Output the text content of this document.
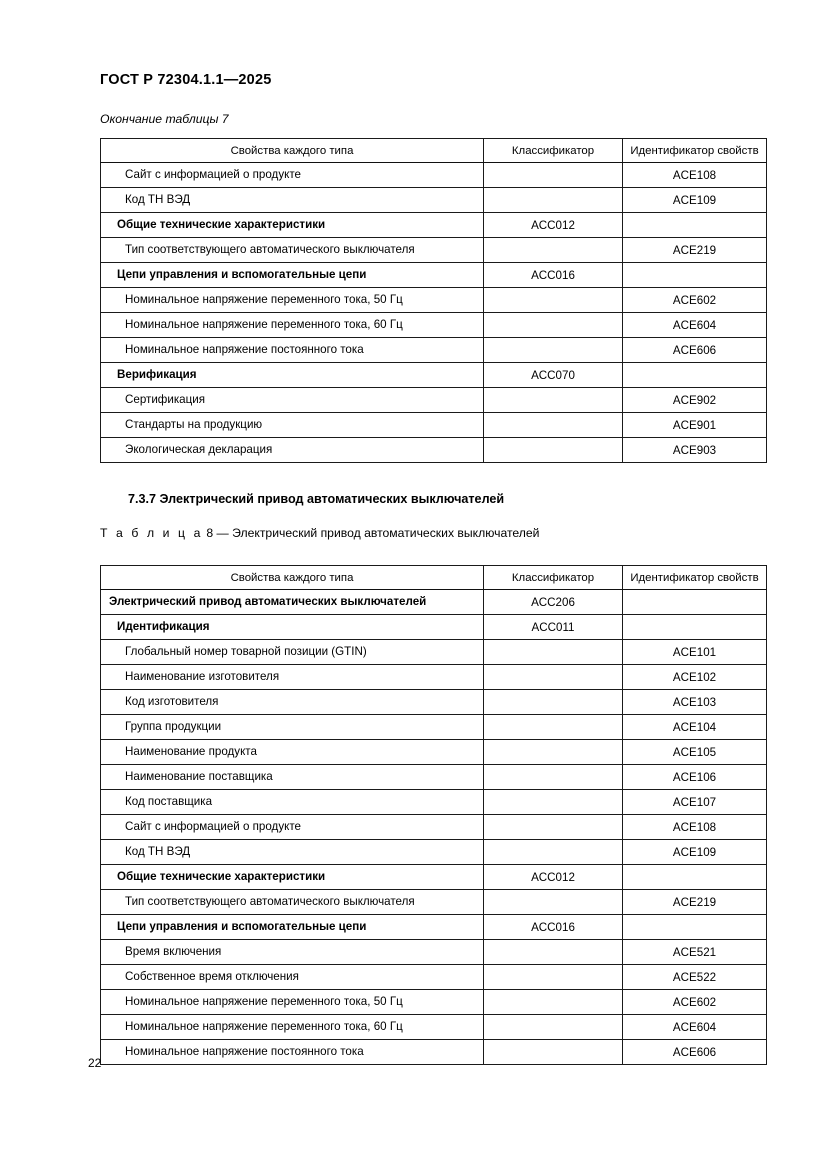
ГОСТ Р 72304.1.1—2025
Окончание таблицы 7
Свойства каждого типа	Классификатор	Идентификатор свойств

Сайт с информацией о продукте		ACE108

Код ТН ВЭД		ACE109

Общие технические характеристики	ACC012	

Тип соответствующего автоматического выключателя		ACE219

Цепи управления и вспомогательные цепи	ACC016	

Номинальное напряжение переменного тока, 50 Гц		ACE602

Номинальное напряжение переменного тока, 60 Гц		ACE604

Номинальное напряжение постоянного тока		ACE606

Верификация	ACC070	

Сертификация		ACE902

Стандарты на продукцию		ACE901

Экологическая декларация		ACE903
7.3.7 Электрический привод автоматических выключателей
Т а б л и ц а 8 — Электрический привод автоматических выключателей
Свойства каждого типа	Классификатор	Идентификатор свойств

Электрический привод автоматических выключателей	ACC206	

Идентификация	ACC011	

Глобальный номер товарной позиции (GTIN)		ACE101

Наименование изготовителя		ACE102

Код изготовителя		ACE103

Группа продукции		ACE104

Наименование продукта		ACE105

Наименование поставщика		ACE106

Код поставщика		ACE107

Сайт с информацией о продукте		ACE108

Код ТН ВЭД		ACE109

Общие технические характеристики	ACC012	

Тип соответствующего автоматического выключателя		ACE219

Цепи управления и вспомогательные цепи	ACC016	

Время включения		ACE521

Собственное время отключения		ACE522

Номинальное напряжение переменного тока, 50 Гц		ACE602

Номинальное напряжение переменного тока, 60 Гц		ACE604

Номинальное напряжение постоянного тока		ACE606
22
